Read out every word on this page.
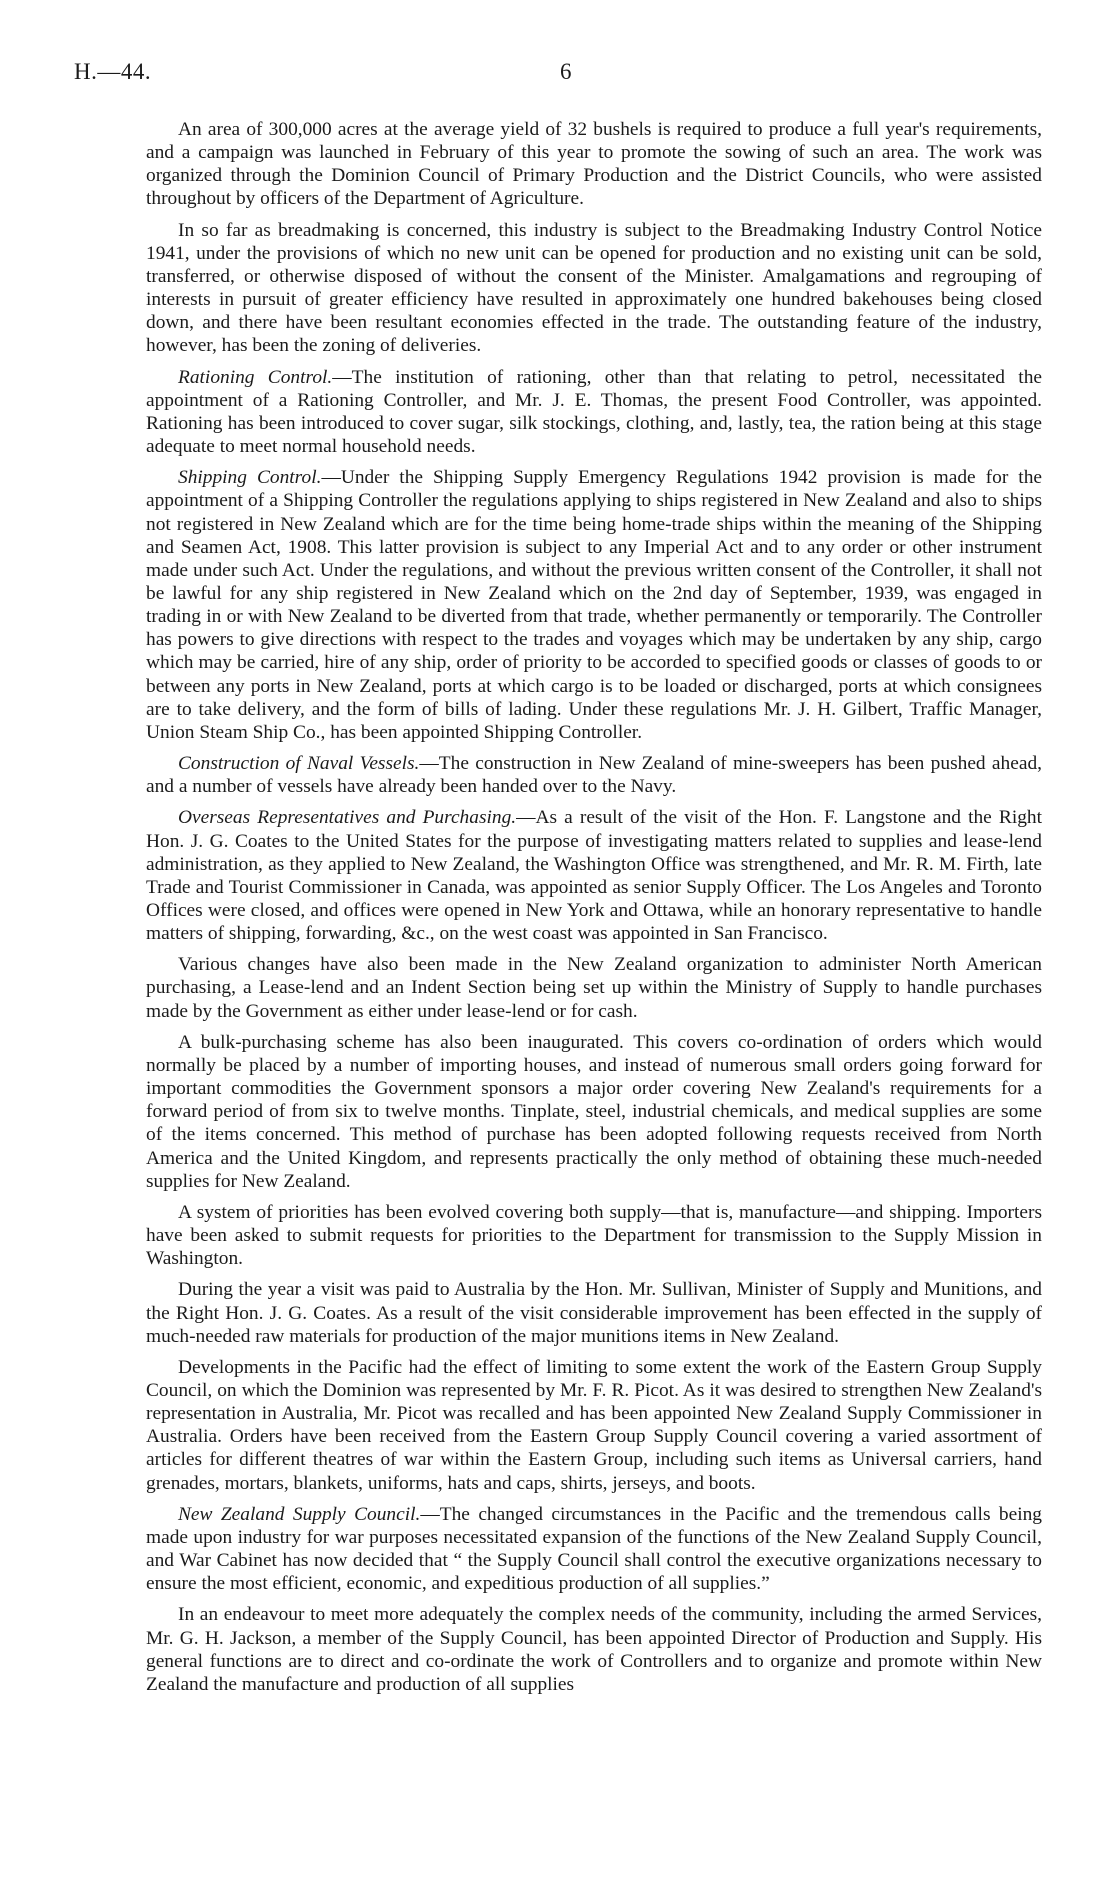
H.—44.	6

An area of 300,000 acres at the average yield of 32 bushels is required to produce a full year's requirements, and a campaign was launched in February of this year to promote the sowing of such an area. The work was organized through the Dominion Council of Primary Production and the District Councils, who were assisted throughout by officers of the Department of Agriculture.

In so far as breadmaking is concerned, this industry is subject to the Breadmaking Industry Control Notice 1941, under the provisions of which no new unit can be opened for production and no existing unit can be sold, transferred, or otherwise disposed of without the consent of the Minister. Amalgamations and regrouping of interests in pursuit of greater efficiency have resulted in approximately one hundred bakehouses being closed down, and there have been resultant economies effected in the trade. The outstanding feature of the industry, however, has been the zoning of deliveries.

Rationing Control.—The institution of rationing, other than that relating to petrol, necessitated the appointment of a Rationing Controller, and Mr. J. E. Thomas, the present Food Controller, was appointed. Rationing has been introduced to cover sugar, silk stockings, clothing, and, lastly, tea, the ration being at this stage adequate to meet normal household needs.

Shipping Control.—Under the Shipping Supply Emergency Regulations 1942 provision is made for the appointment of a Shipping Controller the regulations applying to ships registered in New Zealand and also to ships not registered in New Zealand which are for the time being home-trade ships within the meaning of the Shipping and Seamen Act, 1908. This latter provision is subject to any Imperial Act and to any order or other instrument made under such Act. Under the regulations, and without the previous written consent of the Controller, it shall not be lawful for any ship registered in New Zealand which on the 2nd day of September, 1939, was engaged in trading in or with New Zealand to be diverted from that trade, whether permanently or temporarily. The Controller has powers to give directions with respect to the trades and voyages which may be undertaken by any ship, cargo which may be carried, hire of any ship, order of priority to be accorded to specified goods or classes of goods to or between any ports in New Zealand, ports at which cargo is to be loaded or discharged, ports at which consignees are to take delivery, and the form of bills of lading. Under these regulations Mr. J. H. Gilbert, Traffic Manager, Union Steam Ship Co., has been appointed Shipping Controller.

Construction of Naval Vessels.—The construction in New Zealand of mine-sweepers has been pushed ahead, and a number of vessels have already been handed over to the Navy.

Overseas Representatives and Purchasing.—As a result of the visit of the Hon. F. Langstone and the Right Hon. J. G. Coates to the United States for the purpose of investigating matters related to supplies and lease-lend administration, as they applied to New Zealand, the Washington Office was strengthened, and Mr. R. M. Firth, late Trade and Tourist Commissioner in Canada, was appointed as senior Supply Officer. The Los Angeles and Toronto Offices were closed, and offices were opened in New York and Ottawa, while an honorary representative to handle matters of shipping, forwarding, &c., on the west coast was appointed in San Francisco.

Various changes have also been made in the New Zealand organization to administer North American purchasing, a Lease-lend and an Indent Section being set up within the Ministry of Supply to handle purchases made by the Government as either under lease-lend or for cash.

A bulk-purchasing scheme has also been inaugurated. This covers co-ordination of orders which would normally be placed by a number of importing houses, and instead of numerous small orders going forward for important commodities the Government sponsors a major order covering New Zealand's requirements for a forward period of from six to twelve months. Tinplate, steel, industrial chemicals, and medical supplies are some of the items concerned. This method of purchase has been adopted following requests received from North America and the United Kingdom, and represents practically the only method of obtaining these much-needed supplies for New Zealand.

A system of priorities has been evolved covering both supply—that is, manufacture—and shipping. Importers have been asked to submit requests for priorities to the Department for transmission to the Supply Mission in Washington.

During the year a visit was paid to Australia by the Hon. Mr. Sullivan, Minister of Supply and Munitions, and the Right Hon. J. G. Coates. As a result of the visit considerable improvement has been effected in the supply of much-needed raw materials for production of the major munitions items in New Zealand.

Developments in the Pacific had the effect of limiting to some extent the work of the Eastern Group Supply Council, on which the Dominion was represented by Mr. F. R. Picot. As it was desired to strengthen New Zealand's representation in Australia, Mr. Picot was recalled and has been appointed New Zealand Supply Commissioner in Australia. Orders have been received from the Eastern Group Supply Council covering a varied assortment of articles for different theatres of war within the Eastern Group, including such items as Universal carriers, hand grenades, mortars, blankets, uniforms, hats and caps, shirts, jerseys, and boots.

New Zealand Supply Council.—The changed circumstances in the Pacific and the tremendous calls being made upon industry for war purposes necessitated expansion of the functions of the New Zealand Supply Council, and War Cabinet has now decided that “ the Supply Council shall control the executive organizations necessary to ensure the most efficient, economic, and expeditious production of all supplies.”

In an endeavour to meet more adequately the complex needs of the community, including the armed Services, Mr. G. H. Jackson, a member of the Supply Council, has been appointed Director of Production and Supply. His general functions are to direct and co-ordinate the work of Controllers and to organize and promote within New Zealand the manufacture and production of all supplies
